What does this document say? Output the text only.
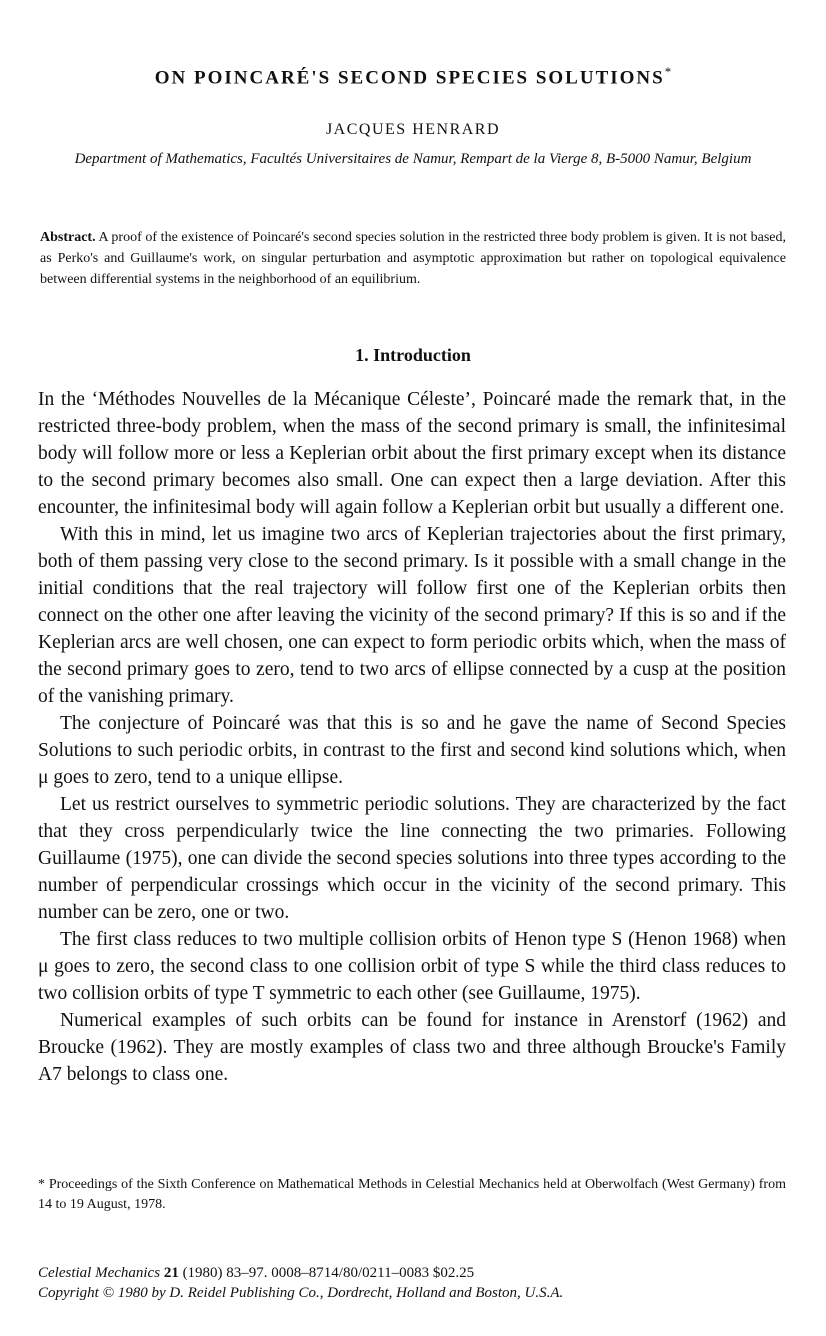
ON POINCARÉ'S SECOND SPECIES SOLUTIONS*
JACQUES HENRARD
Department of Mathematics, Facultés Universitaires de Namur, Rempart de la Vierge 8, B-5000 Namur, Belgium
Abstract. A proof of the existence of Poincaré's second species solution in the restricted three body problem is given. It is not based, as Perko's and Guillaume's work, on singular perturbation and asymptotic approximation but rather on topological equivalence between differential systems in the neighborhood of an equilibrium.
1. Introduction

In the ‘Méthodes Nouvelles de la Mécanique Céleste’, Poincaré made the remark that, in the restricted three-body problem, when the mass of the second primary is small, the infinitesimal body will follow more or less a Keplerian orbit about the first primary except when its distance to the second primary becomes also small. One can expect then a large deviation. After this encounter, the infinitesimal body will again follow a Keplerian orbit but usually a different one.

With this in mind, let us imagine two arcs of Keplerian trajectories about the first primary, both of them passing very close to the second primary. Is it possible with a small change in the initial conditions that the real trajectory will follow first one of the Keplerian orbits then connect on the other one after leaving the vicinity of the second primary? If this is so and if the Keplerian arcs are well chosen, one can expect to form periodic orbits which, when the mass of the second primary goes to zero, tend to two arcs of ellipse connected by a cusp at the position of the vanishing primary.

The conjecture of Poincaré was that this is so and he gave the name of Second Species Solutions to such periodic orbits, in contrast to the first and second kind solutions which, when μ goes to zero, tend to a unique ellipse.

Let us restrict ourselves to symmetric periodic solutions. They are characterized by the fact that they cross perpendicularly twice the line connecting the two primaries. Following Guillaume (1975), one can divide the second species solutions into three types according to the number of perpendicular crossings which occur in the vicinity of the second primary. This number can be zero, one or two.

The first class reduces to two multiple collision orbits of Henon type S (Henon 1968) when μ goes to zero, the second class to one collision orbit of type S while the third class reduces to two collision orbits of type T symmetric to each other (see Guillaume, 1975).

Numerical examples of such orbits can be found for instance in Arenstorf (1962) and Broucke (1962). They are mostly examples of class two and three although Broucke's Family A7 belongs to class one.

* Proceedings of the Sixth Conference on Mathematical Methods in Celestial Mechanics held at Oberwolfach (West Germany) from 14 to 19 August, 1978.
Celestial Mechanics 21 (1980) 83–97. 0008–8714/80/0211–0083 $02.25
Copyright © 1980 by D. Reidel Publishing Co., Dordrecht, Holland and Boston, U.S.A.
